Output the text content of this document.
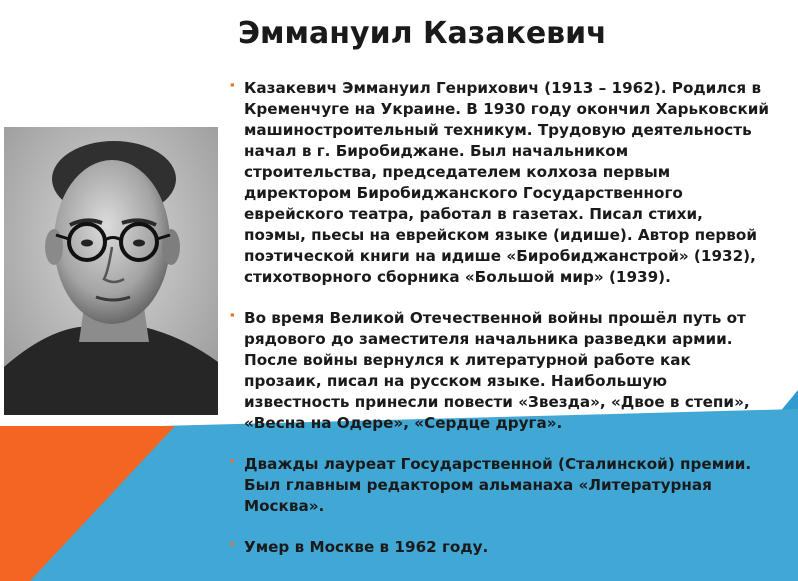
Эммануил Казакевич
▪ Казакевич Эммануил Генрихович (1913 – 1962). Родился в
Кременчуге на Украине. В 1930 году окончил Харьковский
машиностроительный техникум. Трудовую деятельность
начал в г. Биробиджане. Был начальником
строительства, председателем колхоза первым
директором Биробиджанского Государственного
еврейского театра, работал в газетах. Писал стихи,
поэмы, пьесы на еврейском языке (идише). Автор первой
поэтической книги на идише «Биробиджанстрой» (1932),
стихотворного сборника «Большой мир» (1939).
▪ Во время Великой Отечественной войны прошёл путь от
рядового до заместителя начальника разведки армии.
После войны вернулся к литературной работе как
прозаик, писал на русском языке. Наибольшую
известность принесли повести «Звезда», «Двое в степи»,
«Весна на Одере», «Сердце друга».
▪ Дважды лауреат Государственной (Сталинской) премии.
Был главным редактором альманаха «Литературная
Москва».
▪ Умер в Москве в 1962 году.
